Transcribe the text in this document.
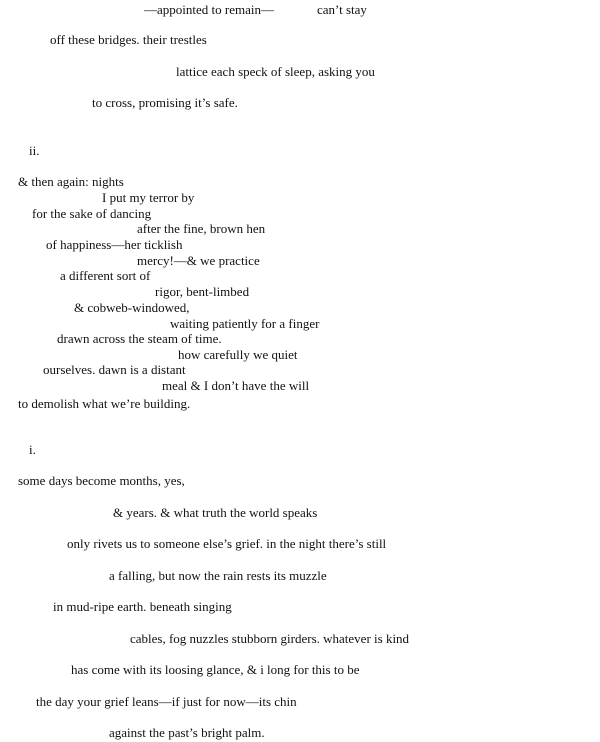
—appointed to remain—	can’t stay

off these bridges. their trestles

lattice each speck of sleep, asking you

to cross, promising it’s safe.

ii.

& then again: nights

I put my terror by

for the sake of dancing

after the fine, brown hen

of happiness—her ticklish

mercy!—& we practice

a different sort of

rigor, bent-limbed

& cobweb-windowed,

waiting patiently for a finger

drawn across the steam of time.

how carefully we quiet

ourselves. dawn is a distant

meal & I don’t have the will

to demolish what we’re building.

i.

some days become months, yes,

& years. & what truth the world speaks

only rivets us to someone else’s grief. in the night there’s still

a falling, but now the rain rests its muzzle

in mud-ripe earth. beneath singing

cables, fog nuzzles stubborn girders. whatever is kind

has come with its loosing glance, & i long for this to be

the day your grief leans—if just for now—its chin

against the past’s bright palm.
